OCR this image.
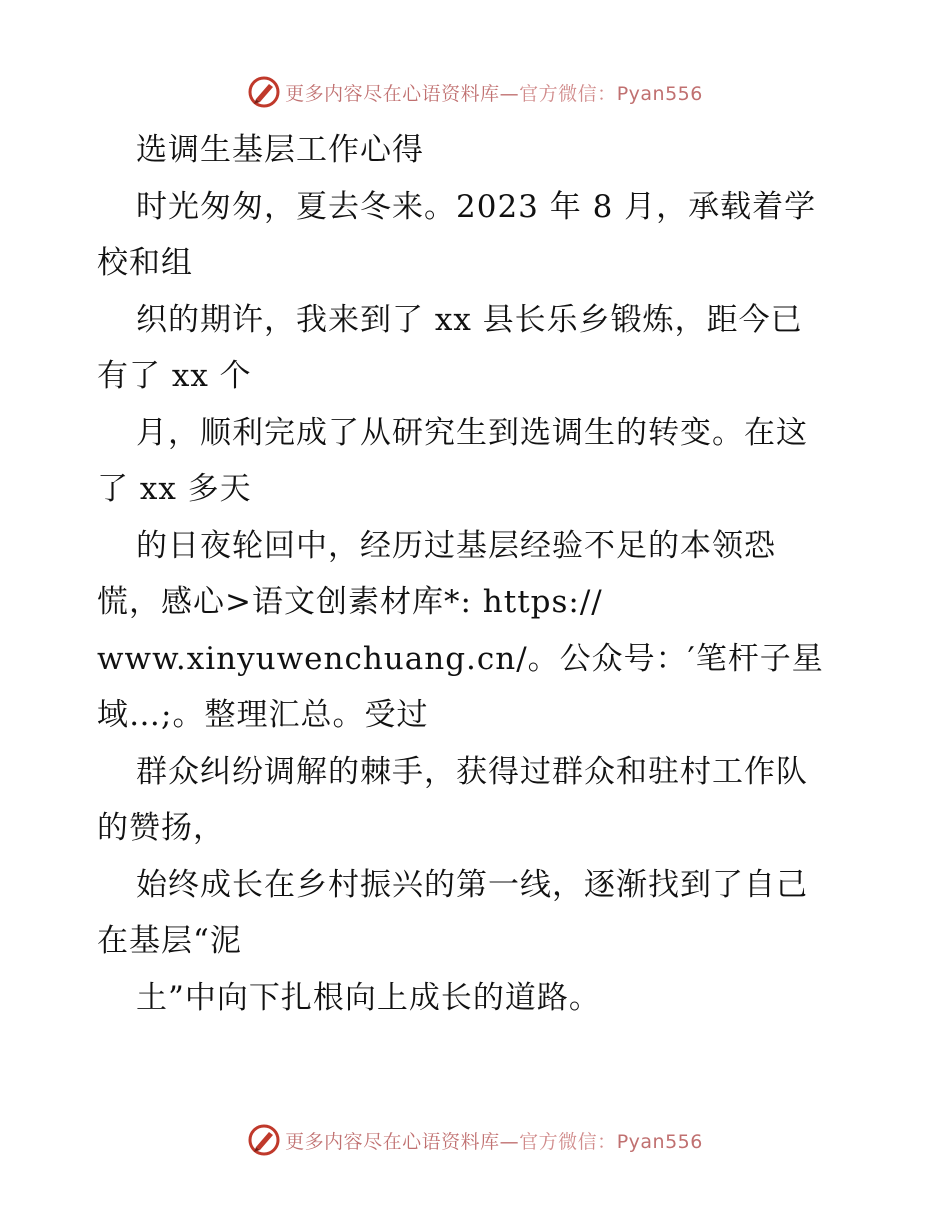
更多内容尽在心语资料库—官方微信：Pyan556
选调生基层工作心得
时光匆匆，夏去冬来。2023 年 8 月，承载着学
校和组
织的期许，我来到了 xx 县长乐乡锻炼，距今已
有了 xx 个
月，顺利完成了从研究生到选调生的转变。在这
了 xx 多天
的日夜轮回中，经历过基层经验不足的本领恐
慌，感心>语文创素材库*: https://
www.xinyuwenchuang.cn/。公众号：′笔杆子星
域…;。整理汇总。受过
群众纠纷调解的棘手，获得过群众和驻村工作队
的赞扬，
始终成长在乡村振兴的第一线，逐渐找到了自己
在基层“泥
土”中向下扎根向上成长的道路。
更多内容尽在心语资料库—官方微信：Pyan556
